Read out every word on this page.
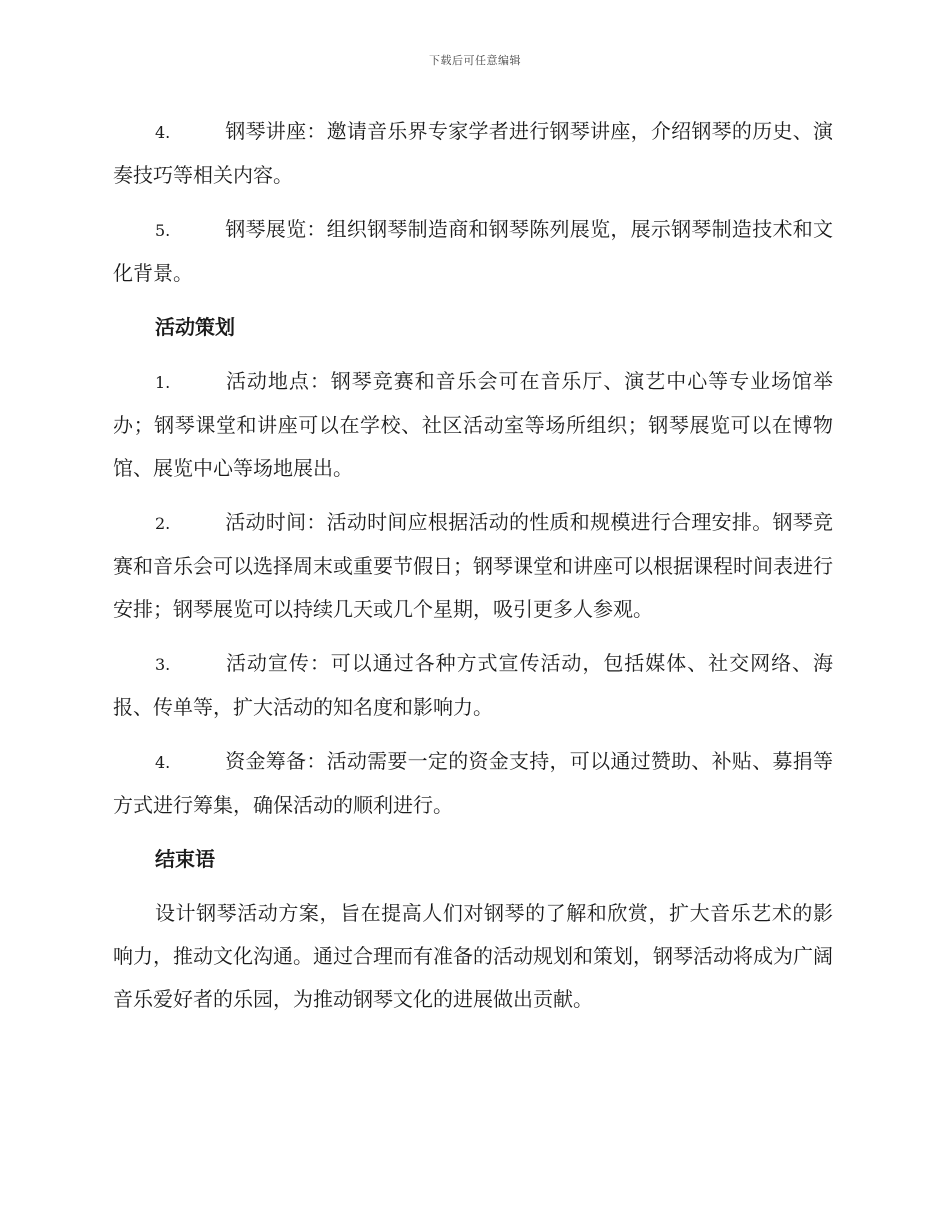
下载后可任意编辑

4.	钢琴讲座：邀请音乐界专家学者进行钢琴讲座，介绍钢琴的历史、演奏技巧等相关内容。

5.	钢琴展览：组织钢琴制造商和钢琴陈列展览，展示钢琴制造技术和文化背景。

活动策划

1.	活动地点：钢琴竞赛和音乐会可在音乐厅、演艺中心等专业场馆举办；钢琴课堂和讲座可以在学校、社区活动室等场所组织；钢琴展览可以在博物馆、展览中心等场地展出。

2.	活动时间：活动时间应根据活动的性质和规模进行合理安排。钢琴竞赛和音乐会可以选择周末或重要节假日；钢琴课堂和讲座可以根据课程时间表进行安排；钢琴展览可以持续几天或几个星期，吸引更多人参观。

3.	活动宣传：可以通过各种方式宣传活动，包括媒体、社交网络、海报、传单等，扩大活动的知名度和影响力。

4.	资金筹备：活动需要一定的资金支持，可以通过赞助、补贴、募捐等方式进行筹集，确保活动的顺利进行。

结束语

设计钢琴活动方案，旨在提高人们对钢琴的了解和欣赏，扩大音乐艺术的影响力，推动文化沟通。通过合理而有准备的活动规划和策划，钢琴活动将成为广阔音乐爱好者的乐园，为推动钢琴文化的进展做出贡献。
